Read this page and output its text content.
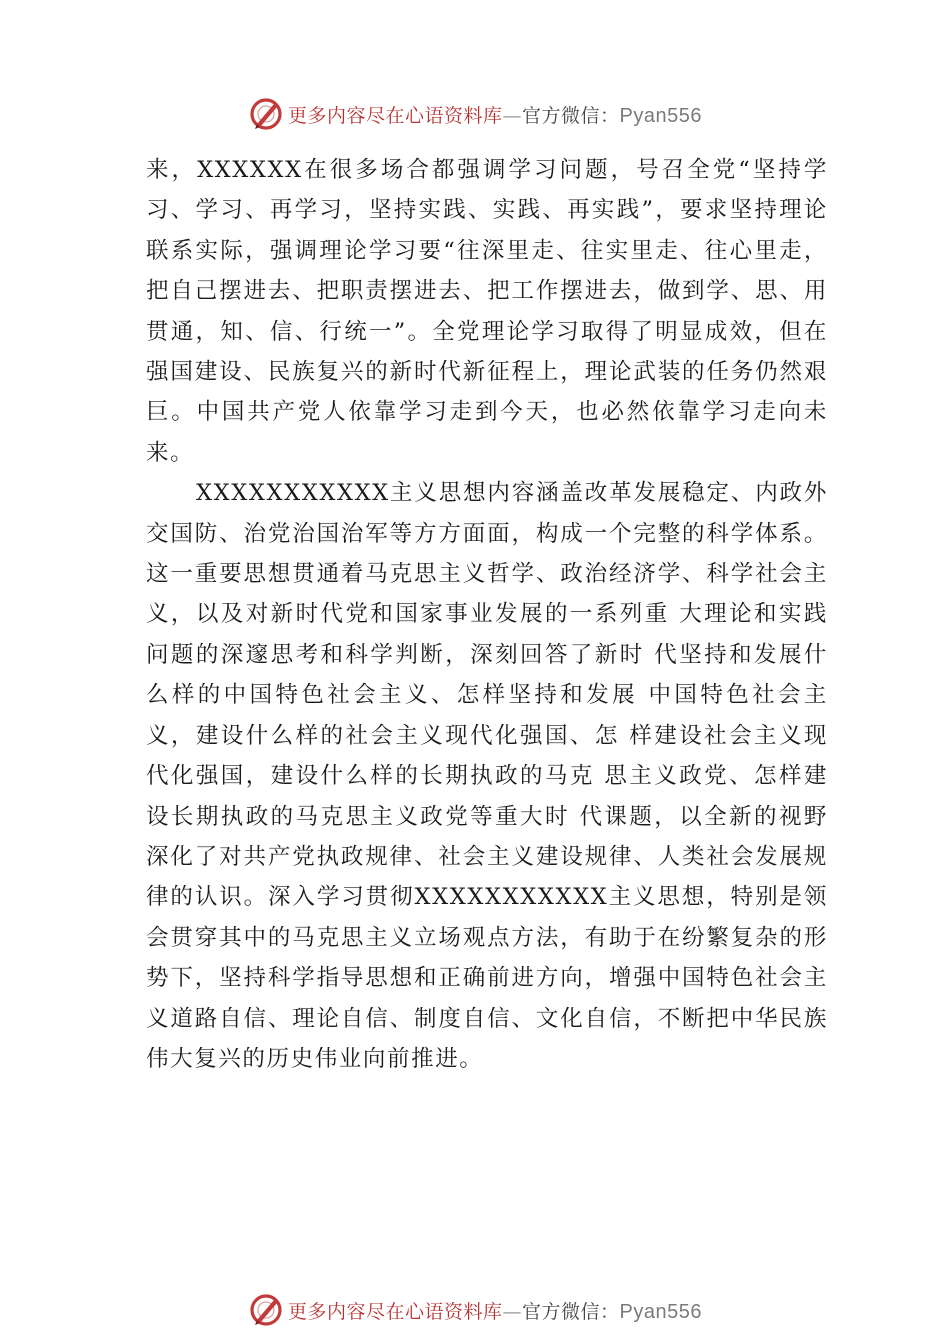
更多内容尽在心语资料库—官方微信：Pyan556

来，XXXXXX在很多场合都强调学习问题，号召全党“坚持学习、学习、再学习，坚持实践、实践、再实践”，要求坚持理论联系实际，强调理论学习要“往深里走、往实里走、往心里走，把自己摆进去、把职责摆进去、把工作摆进去，做到学、思、用贯通，知、信、行统一”。全党理论学习取得了明显成效，但在强国建设、民族复兴的新时代新征程上，理论武装的任务仍然艰巨。中国共产党人依靠学习走到今天，也必然依靠学习走向未来。

XXXXXXXXXXX主义思想内容涵盖改革发展稳定、内政外交国防、治党治国治军等方方面面，构成一个完整的科学体系。这一重要思想贯通着马克思主义哲学、政治经济学、科学社会主义，以及对新时代党和国家事业发展的一系列重 大理论和实践问题的深邃思考和科学判断，深刻回答了新时 代坚持和发展什么样的中国特色社会主义、怎样坚持和发展 中国特色社会主义，建设什么样的社会主义现代化强国、怎 样建设社会主义现代化强国，建设什么样的长期执政的马克 思主义政党、怎样建设长期执政的马克思主义政党等重大时 代课题，以全新的视野深化了对共产党执政规律、社会主义建设规律、人类社会发展规律的认识。深入学习贯彻XXXXXXXXXXX主义思想，特别是领会贯穿其中的马克思主义立场观点方法，有助于在纷繁复杂的形势下，坚持科学指导思想和正确前进方向，增强中国特色社会主义道路自信、理论自信、制度自信、文化自信，不断把中华民族伟大复兴的历史伟业向前推进。

更多内容尽在心语资料库—官方微信：Pyan556
